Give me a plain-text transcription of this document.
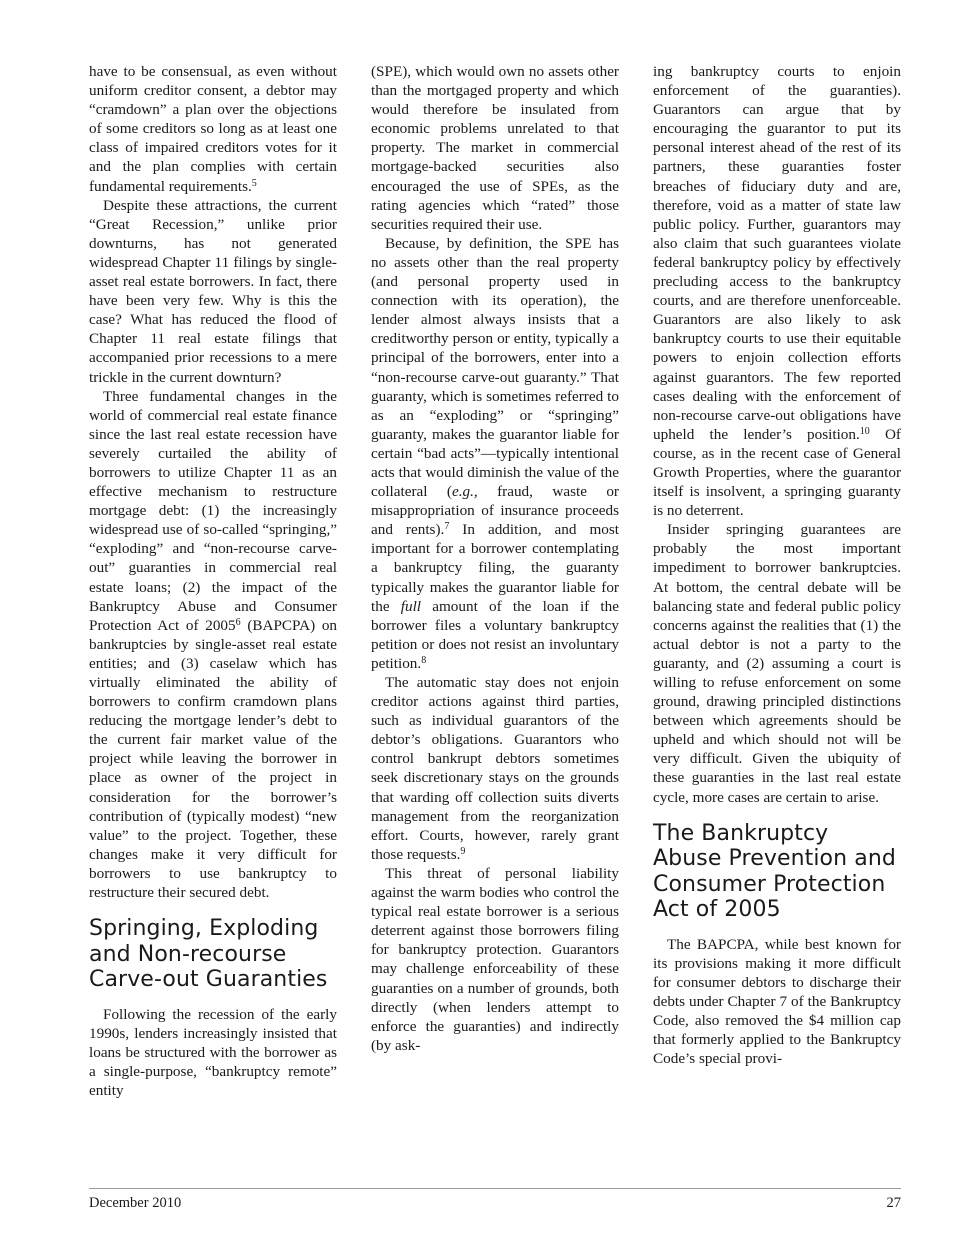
have to be consensual, as even without uniform creditor consent, a debtor may “cramdown” a plan over the objections of some creditors so long as at least one class of impaired creditors votes for it and the plan complies with certain fundamental requirements.$^5$

Despite these attractions, the current “Great Recession,” unlike prior downturns, has not generated widespread Chapter 11 filings by single-asset real estate borrowers. In fact, there have been very few. Why is this the case? What has reduced the flood of Chapter 11 real estate filings that accompanied prior recessions to a mere trickle in the current downturn?

Three fundamental changes in the world of commercial real estate finance since the last real estate recession have severely curtailed the ability of borrowers to utilize Chapter 11 as an effective mechanism to restructure mortgage debt: (1) the increasingly widespread use of so-called “springing,” “exploding” and “non-recourse carve-out” guaranties in commercial real estate loans; (2) the impact of the Bankruptcy Abuse and Consumer Protection Act of 2005$^6$ (BAPCPA) on bankruptcies by single-asset real estate entities; and (3) caselaw which has virtually eliminated the ability of borrowers to confirm cramdown plans reducing the mortgage lender’s debt to the current fair market value of the project while leaving the borrower in place as owner of the project in consideration for the borrower’s contribution of (typically modest) “new value” to the project. Together, these changes make it very difficult for borrowers to use bankruptcy to restructure their secured debt.

Springing, Exploding and Non-recourse Carve-out Guaranties

Following the recession of the early 1990s, lenders increasingly insisted that loans be structured with the borrower as a single-purpose, “bankruptcy remote” entity

(SPE), which would own no assets other than the mortgaged property and which would therefore be insulated from economic problems unrelated to that property. The market in commercial mortgage-backed securities also encouraged the use of SPEs, as the rating agencies which “rated” those securities required their use.

Because, by definition, the SPE has no assets other than the real property (and personal property used in connection with its operation), the lender almost always insists that a creditworthy person or entity, typically a principal of the borrowers, enter into a “non-recourse carve-out guaranty.” That guaranty, which is sometimes referred to as an “exploding” or “springing” guaranty, makes the guarantor liable for certain “bad acts”—typically intentional acts that would diminish the value of the collateral (e.g., fraud, waste or misappropriation of insurance proceeds and rents).$^7$ In addition, and most important for a borrower contemplating a bankruptcy filing, the guaranty typically makes the guarantor liable for the full amount of the loan if the borrower files a voluntary bankruptcy petition or does not resist an involuntary petition.$^8$

The automatic stay does not enjoin creditor actions against third parties, such as individual guarantors of the debtor’s obligations. Guarantors who control bankrupt debtors sometimes seek discretionary stays on the grounds that warding off collection suits diverts management from the reorganization effort. Courts, however, rarely grant those requests.$^9$

This threat of personal liability against the warm bodies who control the typical real estate borrower is a serious deterrent against those borrowers filing for bankruptcy protection. Guarantors may challenge enforceability of these guaranties on a number of grounds, both directly (when lenders attempt to enforce the guaranties) and indirectly (by ask-

ing bankruptcy courts to enjoin enforcement of the guaranties). Guarantors can argue that by encouraging the guarantor to put its personal interest ahead of the rest of its partners, these guaranties foster breaches of fiduciary duty and are, therefore, void as a matter of state law public policy. Further, guarantors may also claim that such guarantees violate federal bankruptcy policy by effectively precluding access to the bankruptcy courts, and are therefore unenforceable. Guarantors are also likely to ask bankruptcy courts to use their equitable powers to enjoin collection efforts against guarantors. The few reported cases dealing with the enforcement of non-recourse carve-out obligations have upheld the lender’s position.$^{10}$ Of course, as in the recent case of General Growth Properties, where the guarantor itself is insolvent, a springing guaranty is no deterrent.

Insider springing guarantees are probably the most important impediment to borrower bankruptcies. At bottom, the central debate will be balancing state and federal public policy concerns against the realities that (1) the actual debtor is not a party to the guaranty, and (2) assuming a court is willing to refuse enforcement on some ground, drawing principled distinctions between which agreements should be upheld and which should not will be very difficult. Given the ubiquity of these guaranties in the last real estate cycle, more cases are certain to arise.

The Bankruptcy Abuse Prevention and Consumer Protection Act of 2005

The BAPCPA, while best known for its provisions making it more difficult for consumer debtors to discharge their debts under Chapter 7 of the Bankruptcy Code, also removed the $4 million cap that formerly applied to the Bankruptcy Code’s special provi-

December 2010	27
